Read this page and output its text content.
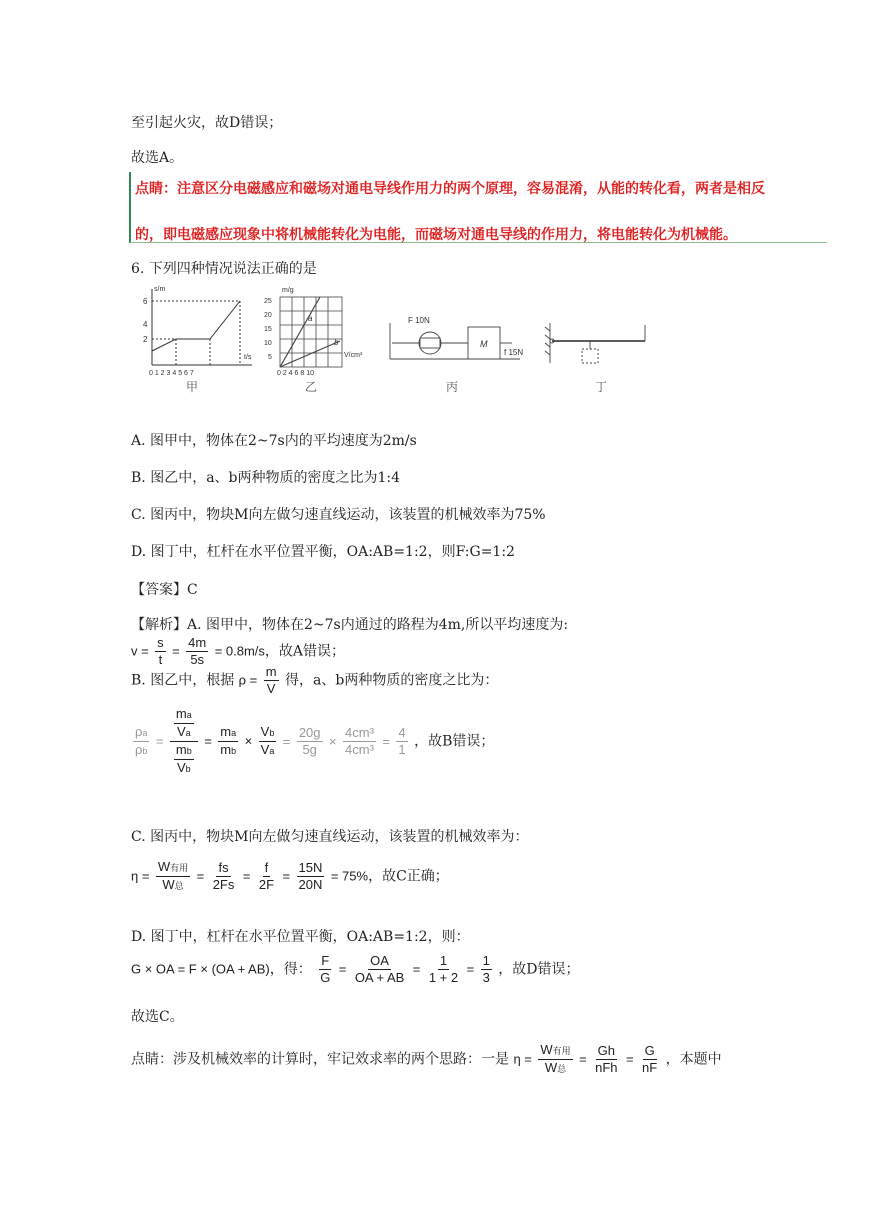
至引起火灾，故D错误；
故选A。
点睛：注意区分电磁感应和磁场对通电导线作用力的两个原理，容易混淆，从能的转化看，两者是相反
的，即电磁感应现象中将机械能转化为电能，而磁场对通电导线的作用力，将电能转化为机械能。
6. 下列四种情况说法正确的是
s/m
t/s
6
4
2
0 1 2 3 4 5 6 7
甲
m/g
V/cm³
a
b
25
20
15
10
5
0 2 4 6 8 10
乙
F 10N
M
f 15N
丙	丁
A. 图甲中，物体在2~7s内的平均速度为2m/s
B. 图乙中，a、b两种物质的密度之比为1:4
C. 图丙中，物块M向左做匀速直线运动，该装置的机械效率为75%
D. 图丁中，杠杆在水平位置平衡，OA:AB=1:2，则F:G=1:2
【答案】C
【解析】A. 图甲中，物体在2~7s内通过的路程为4m,所以平均速度为:
$v = \frac{s}{t} = \frac{4m}{5s} = 0.8m/s$，故A错误；
B. 图乙中，根据 $\rho = \frac{m}{V}$ 得，a、b两种物质的密度之比为：
$\frac{\rho a}{\rho b} = \frac{\frac{ma}{Va}}{\frac{mb}{Vb}} = \frac{ma}{mb} \times \frac{Vb}{Va} = \frac{20g}{5g} \times \frac{\text{4cm³}}{\text{4cm³}} = \frac{4}{1}$ ，故B错误；
C. 图丙中，物块M向左做匀速直线运动，该装置的机械效率为：
$\eta = \frac{\text{W有用}}{\text{W总}} = \frac{fs}{2Fs} = \frac{f}{2F} = \frac{15N}{20N} = 75\%$，故C正确；
D. 图丁中，杠杆在水平位置平衡，OA:AB=1:2，则：
G × OA = F × (OA + AB)，得： $\frac{F}{G} = \frac{OA}{OA + AB} = \frac{1}{1 + 2} = \frac{1}{3}$ ，故D错误；
故选C。
点睛：涉及机械效率的计算时，牢记效求率的两个思路：一是 $\eta = \frac{\text{W有用}}{\text{W总}} = \frac{Gh}{\text{nFh}} = \frac{G}{nF}$ ，本题中
